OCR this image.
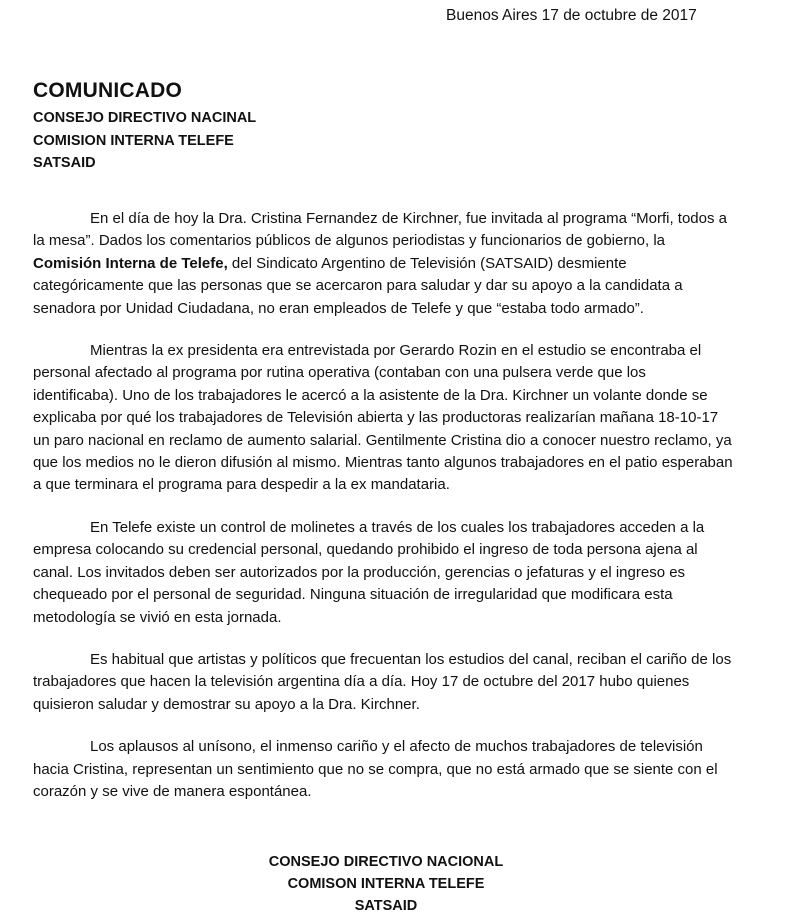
Buenos Aires 17 de octubre de 2017
COMUNICADO
CONSEJO DIRECTIVO NACINAL
COMISION INTERNA TELEFE
SATSAID

En el día de hoy la Dra. Cristina Fernandez de Kirchner, fue invitada al programa “Morfi, todos a la mesa”. Dados los comentarios públicos de algunos periodistas y funcionarios de gobierno, la Comisión Interna de Telefe, del Sindicato Argentino de Televisión (SATSAID) desmiente categóricamente que las personas que se acercaron para saludar y dar su apoyo a la candidata a senadora por Unidad Ciudadana, no eran empleados de Telefe y que “estaba todo armado”.

Mientras la ex presidenta era entrevistada por Gerardo Rozin en el estudio se encontraba el personal afectado al programa por rutina operativa (contaban con una pulsera verde que los identificaba). Uno de los trabajadores le acercó a la asistente de la Dra. Kirchner un volante donde se explicaba por qué los trabajadores de Televisión abierta y las productoras realizarían mañana 18-10-17 un paro nacional en reclamo de aumento salarial. Gentilmente Cristina dio a conocer nuestro reclamo, ya que los medios no le dieron difusión al mismo. Mientras tanto algunos trabajadores en el patio esperaban a que terminara el programa para despedir a la ex mandataria.

En Telefe existe un control de molinetes a través de los cuales los trabajadores acceden a la empresa colocando su credencial personal, quedando prohibido el ingreso de toda persona ajena al canal. Los invitados deben ser autorizados por la producción, gerencias o jefaturas y el ingreso es chequeado por el personal de seguridad. Ninguna situación de irregularidad que modificara esta metodología se vivió en esta jornada.

Es habitual que artistas y políticos que frecuentan los estudios del canal, reciban el cariño de los trabajadores que hacen la televisión argentina día a día. Hoy 17 de octubre del 2017 hubo quienes quisieron saludar y demostrar su apoyo a la Dra. Kirchner.

Los aplausos al unísono, el inmenso cariño y el afecto de muchos trabajadores de televisión hacia Cristina, representan un sentimiento que no se compra, que no está armado que se siente con el corazón y se vive de manera espontánea.

CONSEJO DIRECTIVO NACIONAL
COMISON INTERNA TELEFE
SATSAID
